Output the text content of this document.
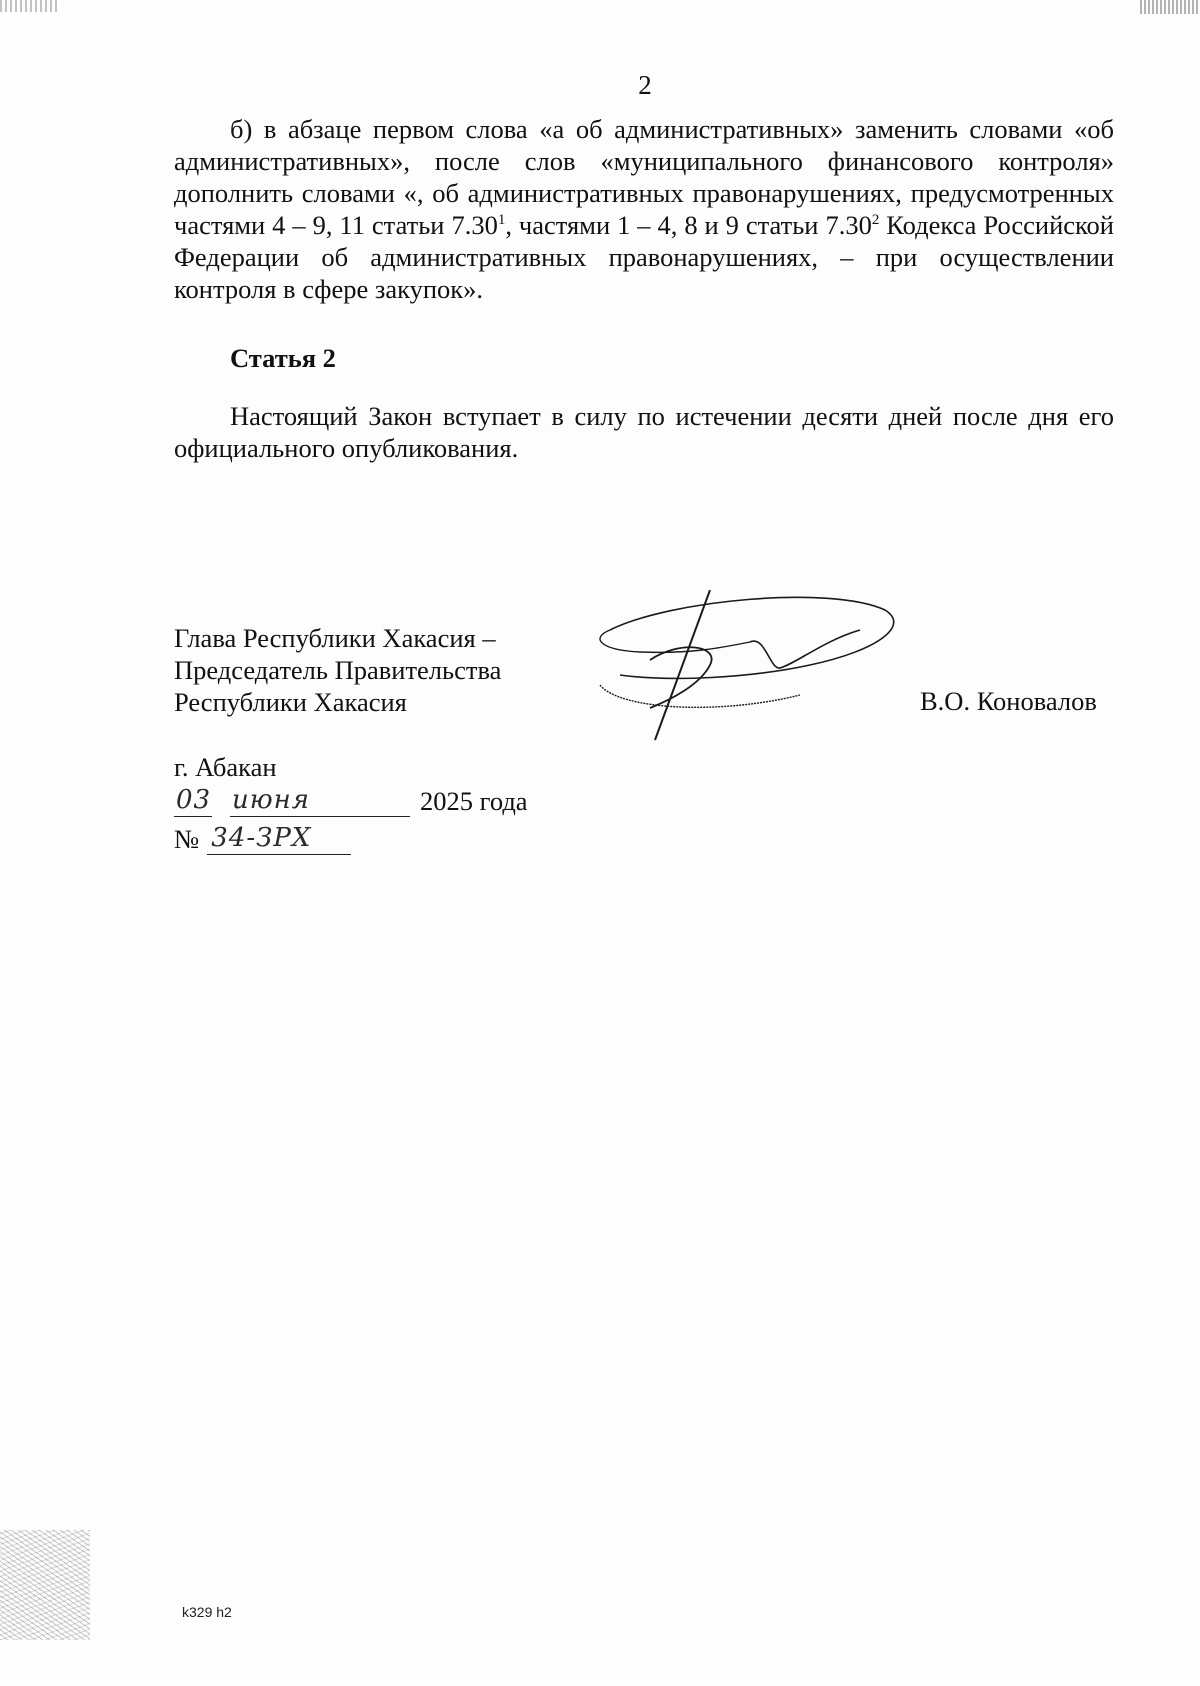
2

б) в абзаце первом слова «а об административных» заменить словами «об административных», после слов «муниципального финансового контроля» дополнить словами «, об административных правонарушениях, предусмотренных частями 4 – 9, 11 статьи 7.30$^1$, частями 1 – 4, 8 и 9 статьи 7.30$^2$ Кодекса Российской Федерации об административных правонарушениях, – при осуществлении контроля в сфере закупок».

Статья 2

Настоящий Закон вступает в силу по истечении десяти дней после дня его официального опубликования.

Глава Республики Хакасия –
Председатель Правительства
Республики Хакасия	В.О. Коновалов
г. Абакан
03 июня	2025 года
№ 34-ЗРХ
k329 h2
